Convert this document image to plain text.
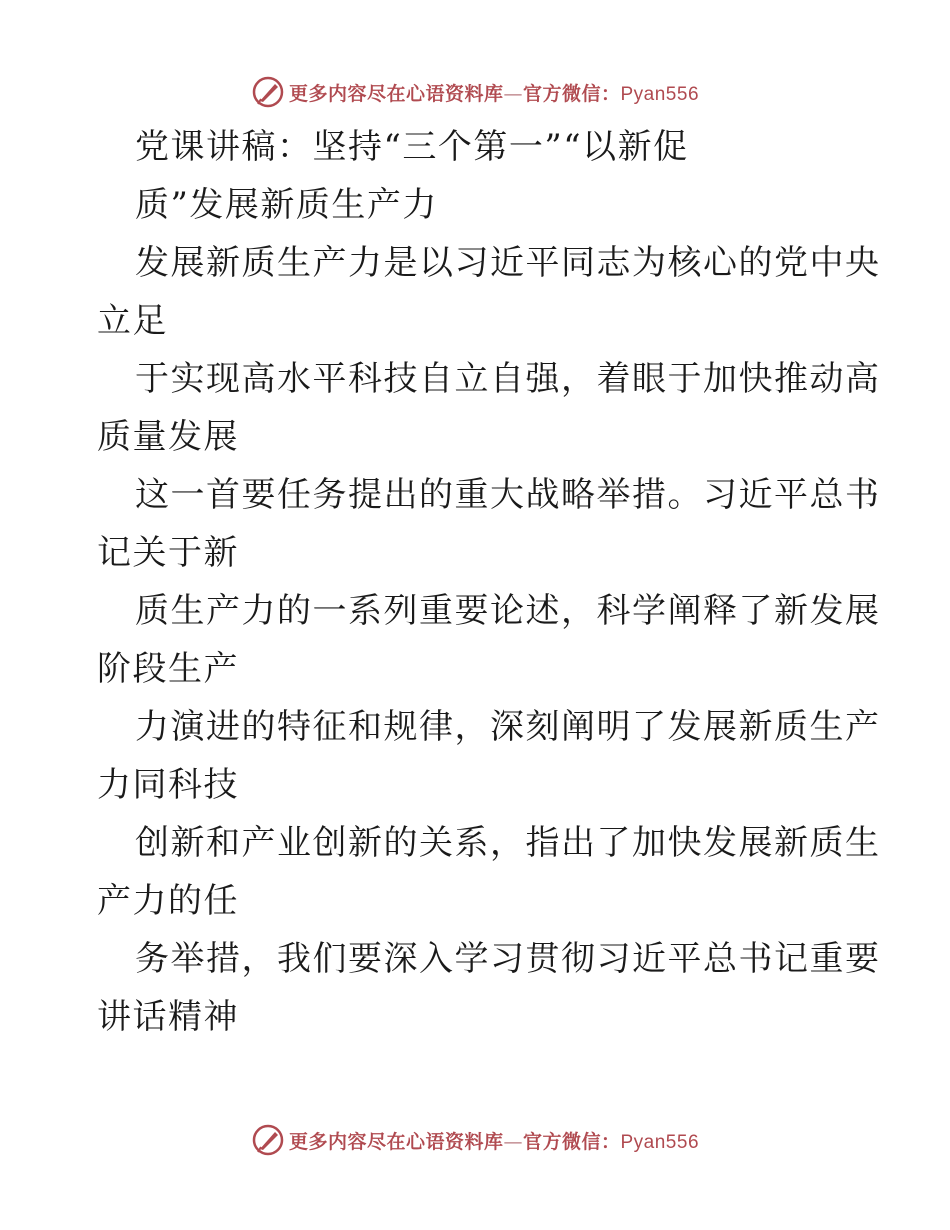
更多内容尽在心语资料库—官方微信：Pyan556
党课讲稿：坚持“三个第一”“以新促
质”发展新质生产力
发展新质生产力是以习近平同志为核心的党中央
立足
于实现高水平科技自立自强，着眼于加快推动高
质量发展
这一首要任务提出的重大战略举措。习近平总书
记关于新
质生产力的一系列重要论述，科学阐释了新发展
阶段生产
力演进的特征和规律，深刻阐明了发展新质生产
力同科技
创新和产业创新的关系，指出了加快发展新质生
产力的任
务举措，我们要深入学习贯彻习近平总书记重要
讲话精神
更多内容尽在心语资料库—官方微信：Pyan556
